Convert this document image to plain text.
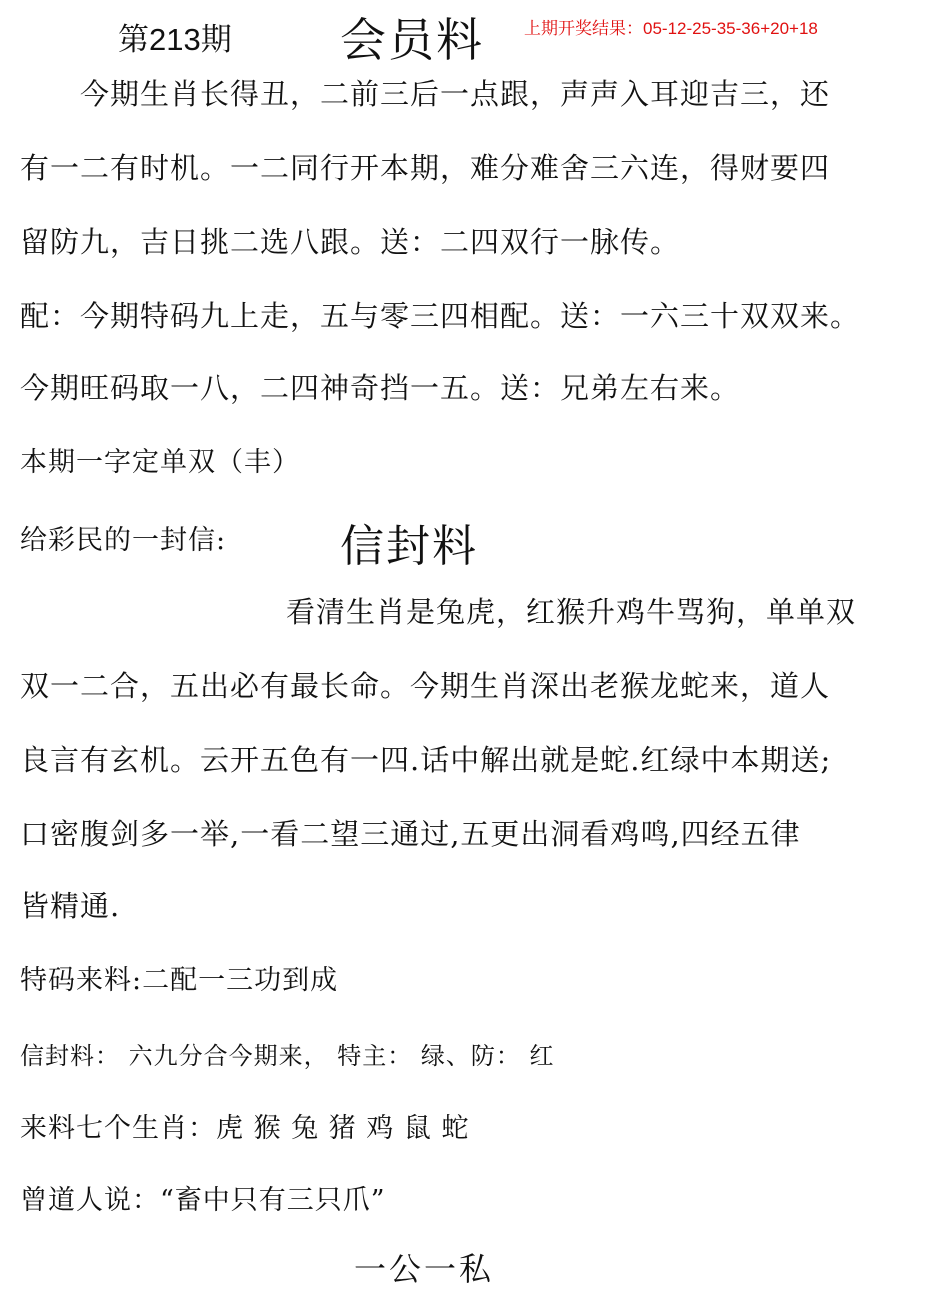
第213期 会员料 上期开奖结果：05-12-25-35-36+20+18
今期生肖长得丑，二前三后一点跟，声声入耳迎吉三，还
有一二有时机。一二同行开本期，难分难舍三六连，得财要四
留防九，吉日挑二选八跟。送：二四双行一脉传。
配：今期特码九上走，五与零三四相配。送：一六三十双双来。
今期旺码取一八，二四神奇挡一五。送：兄弟左右来。
本期一字定单双（丰）
给彩民的一封信:	信封料
看清生肖是兔虎，红猴升鸡牛骂狗，单单双
双一二合，五出必有最长命。今期生肖深出老猴龙蛇来，道人
良言有玄机。云开五色有一四.话中解出就是蛇.红绿中本期送;
口密腹剑多一举,一看二望三通过,五更出洞看鸡鸣,四经五律
皆精通.
特码来料:二配一三功到成
信封料： 六九分合今期来， 特主： 绿、防： 红
来料七个生肖：虎 猴 兔 猪 鸡 鼠 蛇
曾道人说：“畜中只有三只爪”
一公一私
